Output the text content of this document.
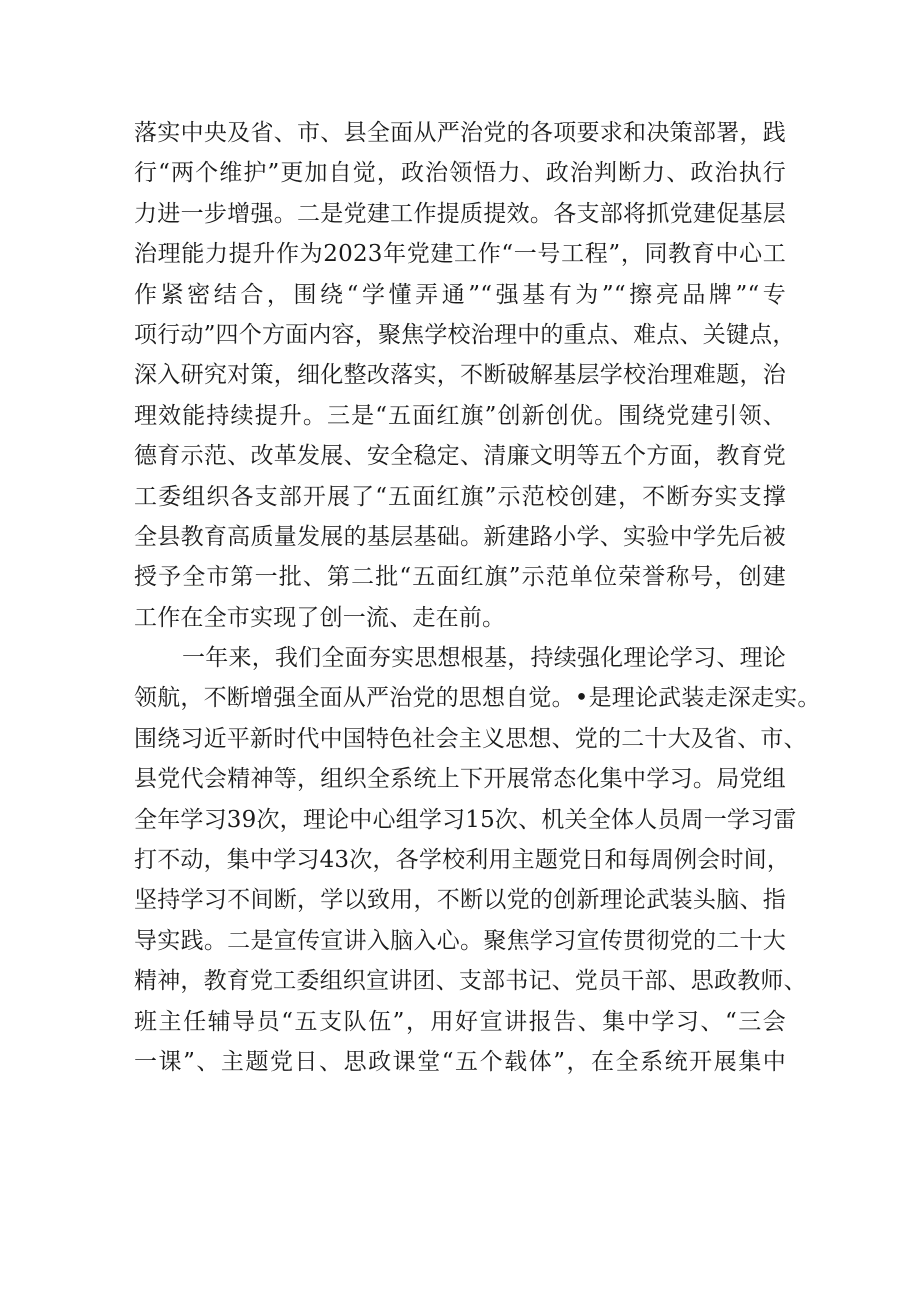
落实中央及省、市、县全面从严治党的各项要求和决策部署，践
行“两个维护”更加自觉，政治领悟力、政治判断力、政治执行
力进一步增强。二是党建工作提质提效。各支部将抓党建促基层
治理能力提升作为2023年党建工作“一号工程”，同教育中心工
作紧密结合，围绕“学懂弄通”“强基有为”“擦亮品牌”“专
项行动”四个方面内容，聚焦学校治理中的重点、难点、关键点，
深入研究对策，细化整改落实，不断破解基层学校治理难题，治
理效能持续提升。三是“五面红旗”创新创优。围绕党建引领、
德育示范、改革发展、安全稳定、清廉文明等五个方面，教育党
工委组织各支部开展了“五面红旗”示范校创建，不断夯实支撑
全县教育高质量发展的基层基础。新建路小学、实验中学先后被
授予全市第一批、第二批“五面红旗”示范单位荣誉称号，创建
工作在全市实现了创一流、走在前。
一年来，我们全面夯实思想根基，持续强化理论学习、理论
领航，不断增强全面从严治党的思想自觉。•是理论武装走深走实。
围绕习近平新时代中国特色社会主义思想、党的二十大及省、市、
县党代会精神等，组织全系统上下开展常态化集中学习。局党组
全年学习39次，理论中心组学习15次、机关全体人员周一学习雷
打不动，集中学习43次，各学校利用主题党日和每周例会时间，
坚持学习不间断，学以致用，不断以党的创新理论武装头脑、指
导实践。二是宣传宣讲入脑入心。聚焦学习宣传贯彻党的二十大
精神，教育党工委组织宣讲团、支部书记、党员干部、思政教师、
班主任辅导员“五支队伍”，用好宣讲报告、集中学习、“三会
一课”、主题党日、思政课堂“五个载体”，在全系统开展集中
